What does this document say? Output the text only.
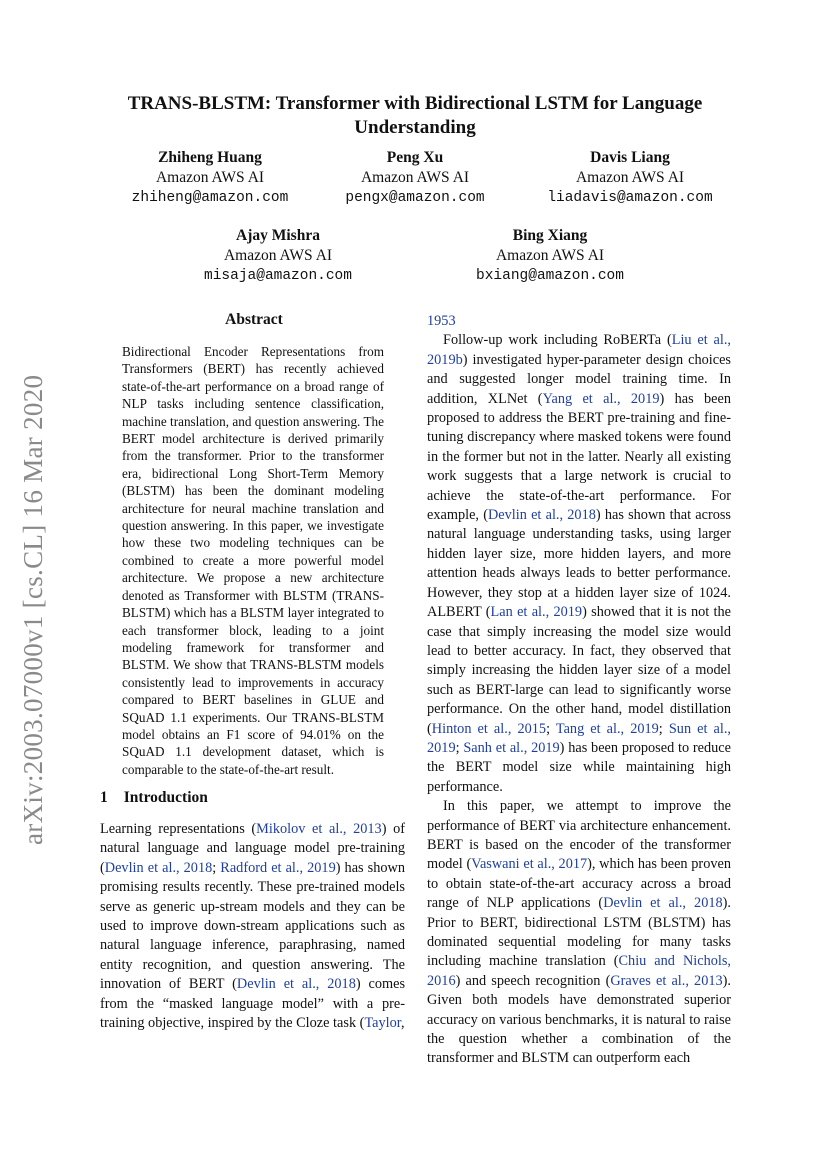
arXiv:2003.07000v1 [cs.CL] 16 Mar 2020
TRANS-BLSTM: Transformer with Bidirectional LSTM for Language Understanding
Zhiheng Huang
Amazon AWS AI
zhiheng@amazon.com
Peng Xu
Amazon AWS AI
pengx@amazon.com
Davis Liang
Amazon AWS AI
liadavis@amazon.com
Ajay Mishra
Amazon AWS AI
misaja@amazon.com
Bing Xiang
Amazon AWS AI
bxiang@amazon.com
Abstract
Bidirectional Encoder Representations from Transformers (BERT) has recently achieved state-of-the-art performance on a broad range of NLP tasks including sentence classification, machine translation, and question answering. The BERT model architecture is derived primarily from the transformer. Prior to the transformer era, bidirectional Long Short-Term Memory (BLSTM) has been the dominant modeling architecture for neural machine translation and question answering. In this paper, we investigate how these two modeling techniques can be combined to create a more powerful model architecture. We propose a new architecture denoted as Transformer with BLSTM (TRANS-BLSTM) which has a BLSTM layer integrated to each transformer block, leading to a joint modeling framework for transformer and BLSTM. We show that TRANS-BLSTM models consistently lead to improvements in accuracy compared to BERT baselines in GLUE and SQuAD 1.1 experiments. Our TRANS-BLSTM model obtains an F1 score of 94.01% on the SQuAD 1.1 development dataset, which is comparable to the state-of-the-art result.
1 Introduction

Learning representations (Mikolov et al., 2013) of natural language and language model pre-training (Devlin et al., 2018; Radford et al., 2019) has shown promising results recently. These pre-trained models serve as generic up-stream models and they can be used to improve down-stream applications such as natural language inference, paraphrasing, named entity recognition, and question answering. The innovation of BERT (Devlin et al., 2018) comes from the “masked language model” with a pre-training objective, inspired by the Cloze task (Taylor,

1953

Follow-up work including RoBERTa (Liu et al., 2019b) investigated hyper-parameter design choices and suggested longer model training time. In addition, XLNet (Yang et al., 2019) has been proposed to address the BERT pre-training and fine-tuning discrepancy where masked tokens were found in the former but not in the latter. Nearly all existing work suggests that a large network is crucial to achieve the state-of-the-art performance. For example, (Devlin et al., 2018) has shown that across natural language understanding tasks, using larger hidden layer size, more hidden layers, and more attention heads always leads to better performance. However, they stop at a hidden layer size of 1024. ALBERT (Lan et al., 2019) showed that it is not the case that simply increasing the model size would lead to better accuracy. In fact, they observed that simply increasing the hidden layer size of a model such as BERT-large can lead to significantly worse performance. On the other hand, model distillation (Hinton et al., 2015; Tang et al., 2019; Sun et al., 2019; Sanh et al., 2019) has been proposed to reduce the BERT model size while maintaining high performance.

In this paper, we attempt to improve the performance of BERT via architecture enhancement. BERT is based on the encoder of the transformer model (Vaswani et al., 2017), which has been proven to obtain state-of-the-art accuracy across a broad range of NLP applications (Devlin et al., 2018). Prior to BERT, bidirectional LSTM (BLSTM) has dominated sequential modeling for many tasks including machine translation (Chiu and Nichols, 2016) and speech recognition (Graves et al., 2013). Given both models have demonstrated superior accuracy on various benchmarks, it is natural to raise the question whether a combination of the transformer and BLSTM can outperform each
